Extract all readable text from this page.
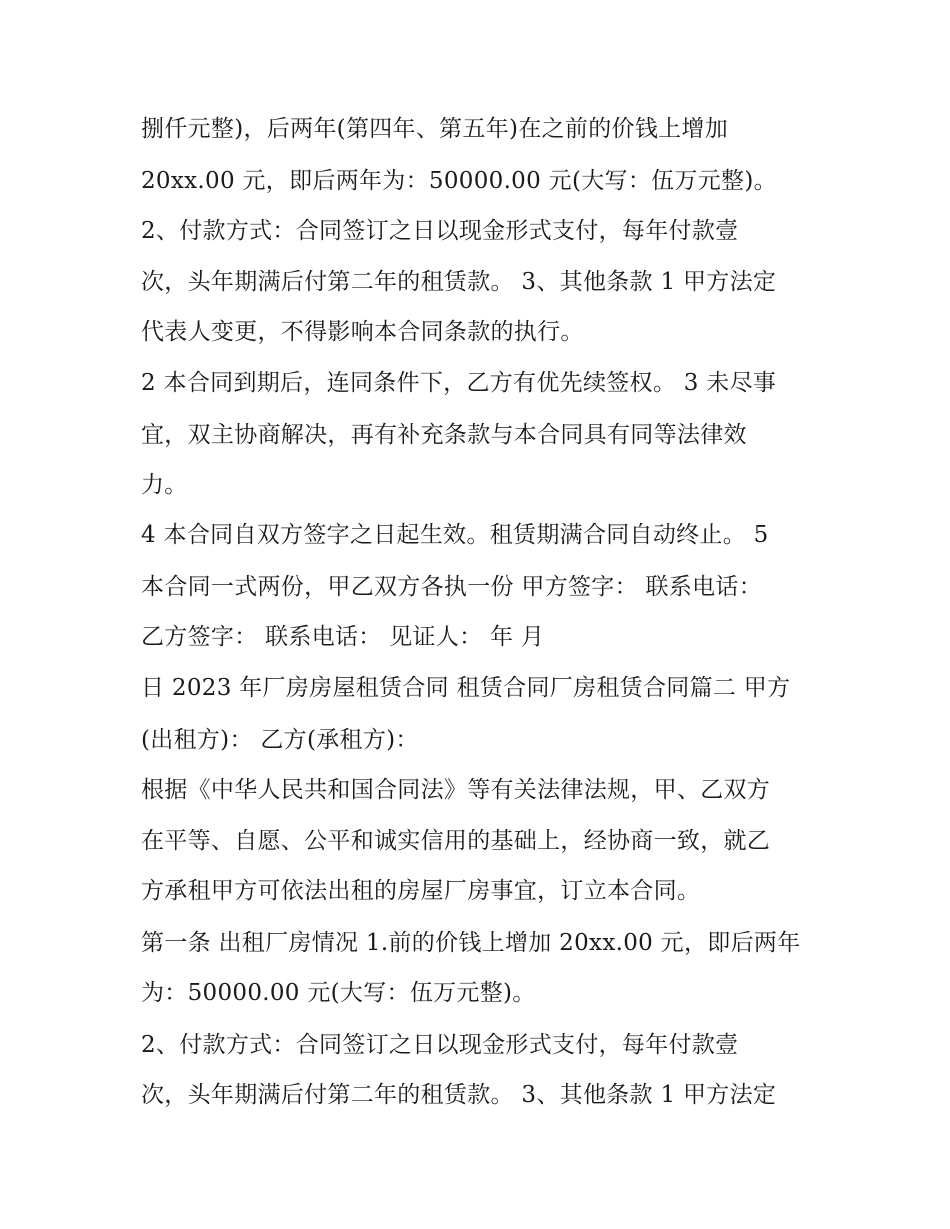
捌仟元整)，后两年(第四年、第五年)在之前的价钱上增加
20xx.00 元，即后两年为：50000.00 元(大写：伍万元整)。
2、付款方式：合同签订之日以现金形式支付，每年付款壹
次，头年期满后付第二年的租赁款。 3、其他条款 1 甲方法定
代表人变更，不得影响本合同条款的执行。
2 本合同到期后，连同条件下，乙方有优先续签权。 3 未尽事
宜，双主协商解决，再有补充条款与本合同具有同等法律效
力。
4 本合同自双方签字之日起生效。租赁期满合同自动终止。 5
本合同一式两份，甲乙双方各执一份 甲方签字： 联系电话：
乙方签字： 联系电话： 见证人： 年 月
日 2023 年厂房房屋租赁合同 租赁合同厂房租赁合同篇二 甲方
(出租方)： 乙方(承租方)：
根据《中华人民共和国合同法》等有关法律法规，甲、乙双方
在平等、自愿、公平和诚实信用的基础上，经协商一致，就乙
方承租甲方可依法出租的房屋厂房事宜，订立本合同。
第一条 出租厂房情况 1.前的价钱上增加 20xx.00 元，即后两年
为：50000.00 元(大写：伍万元整)。
2、付款方式：合同签订之日以现金形式支付，每年付款壹
次，头年期满后付第二年的租赁款。 3、其他条款 1 甲方法定
